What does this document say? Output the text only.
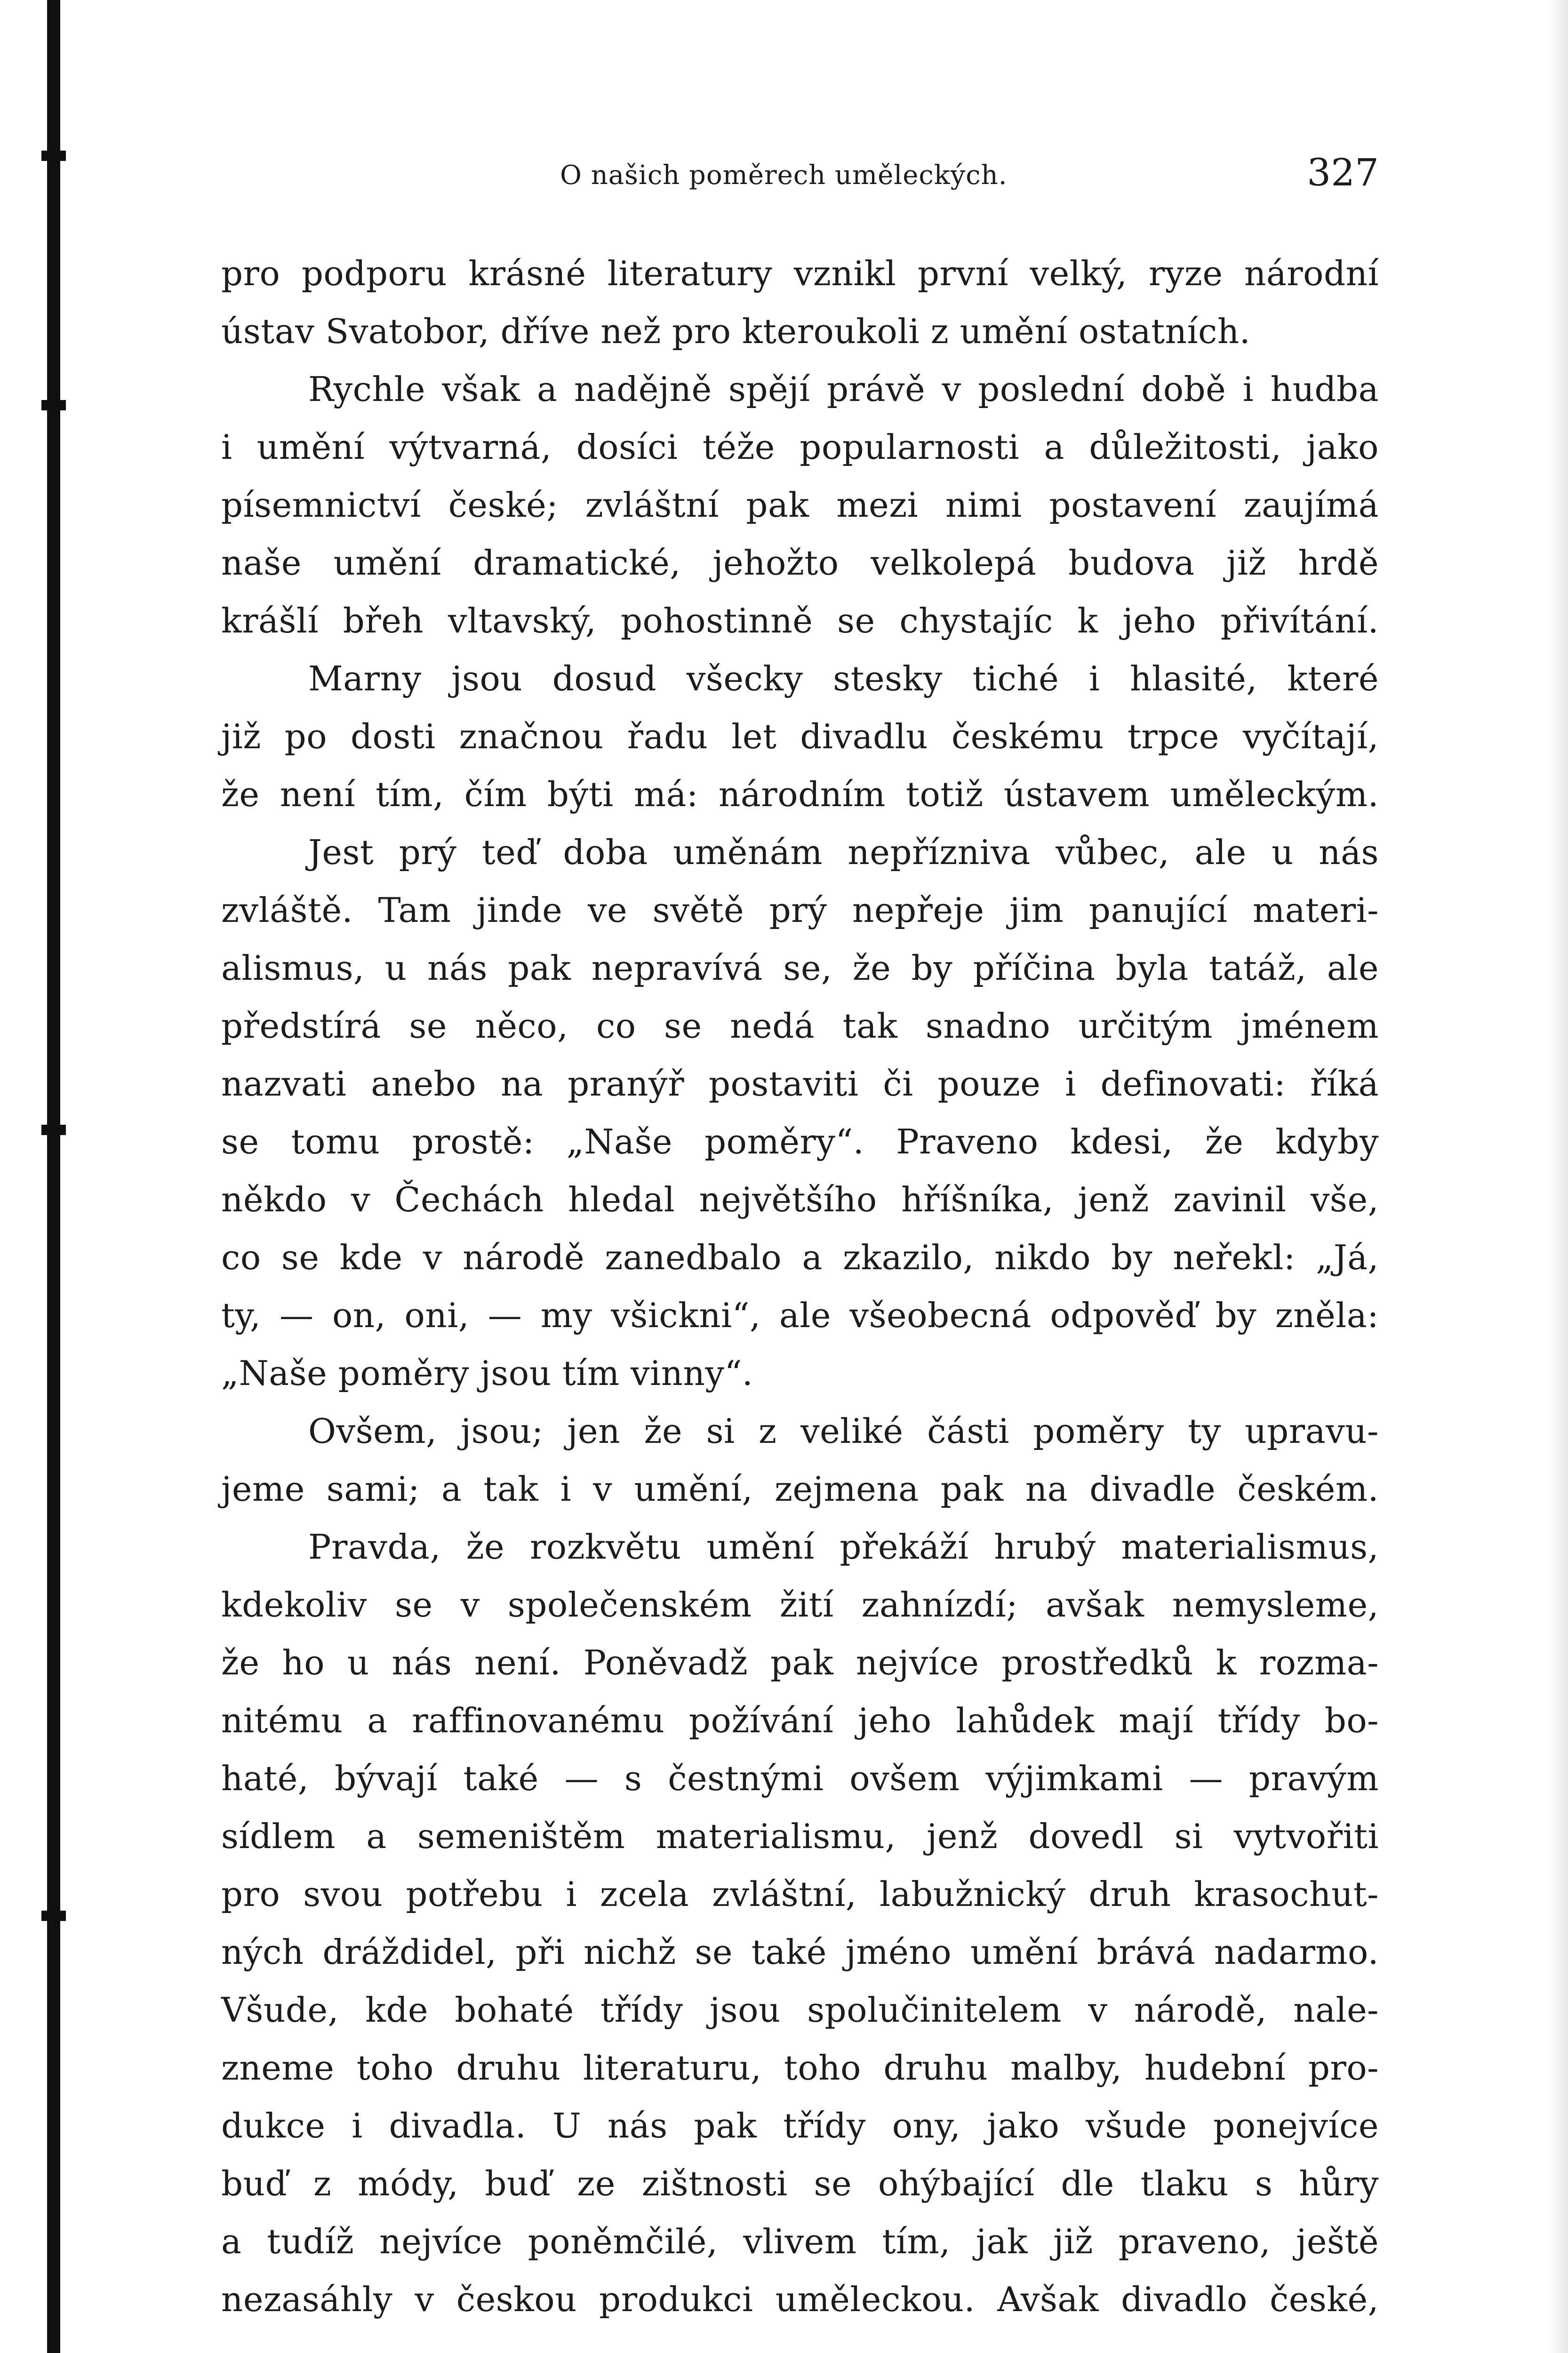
O našich poměrech uměleckých.	327
pro podporu krásné literatury vznikl první velký, ryze národní
ústav Svatobor, dříve než pro kteroukoli z umění ostatních.
Rychle však a nadějně spějí právě v poslední době i hudba
i umění výtvarná, dosíci téže popularnosti a důležitosti, jako
písemnictví české; zvláštní pak mezi nimi postavení zaujímá
naše umění dramatické, jehožto velkolepá budova již hrdě
krášlí břeh vltavský, pohostinně se chystajíc k jeho přivítání.
Marny jsou dosud všecky stesky tiché i hlasité, které
již po dosti značnou řadu let divadlu českému trpce vyčítají,
že není tím, čím býti má: národním totiž ústavem uměleckým.
Jest prý teď doba uměnám nepřízniva vůbec, ale u nás
zvláště. Tam jinde ve světě prý nepřeje jim panující materi-
alismus, u nás pak nepravívá se, že by příčina byla tatáž, ale
předstírá se něco, co se nedá tak snadno určitým jménem
nazvati anebo na pranýř postaviti či pouze i definovati: říká
se tomu prostě: „Naše poměry“. Praveno kdesi, že kdyby
někdo v Čechách hledal největšího hříšníka, jenž zavinil vše,
co se kde v národě zanedbalo a zkazilo, nikdo by neřekl: „Já,
ty, — on, oni, — my všickni“, ale všeobecná odpověď by zněla:
„Naše poměry jsou tím vinny“.
Ovšem, jsou; jen že si z veliké části poměry ty upravu-
jeme sami; a tak i v umění, zejmena pak na divadle českém.
Pravda, že rozkvětu umění překáží hrubý materialismus,
kdekoliv se v společenském žití zahnízdí; avšak nemysleme,
že ho u nás není. Poněvadž pak nejvíce prostředků k rozma-
nitému a raffinovanému požívání jeho lahůdek mají třídy bo-
haté, bývají také — s čestnými ovšem výjimkami — pravým
sídlem a semeništěm materialismu, jenž dovedl si vytvořiti
pro svou potřebu i zcela zvláštní, labužnický druh krasochut-
ných dráždidel, při nichž se také jméno umění brává nadarmo.
Všude, kde bohaté třídy jsou spolučinitelem v národě, nale-
zneme toho druhu literaturu, toho druhu malby, hudební pro-
dukce i divadla. U nás pak třídy ony, jako všude ponejvíce
buď z módy, buď ze zištnosti se ohýbající dle tlaku s hůry
a tudíž nejvíce poněmčilé, vlivem tím, jak již praveno, ještě
nezasáhly v českou produkci uměleckou. Avšak divadlo české,
